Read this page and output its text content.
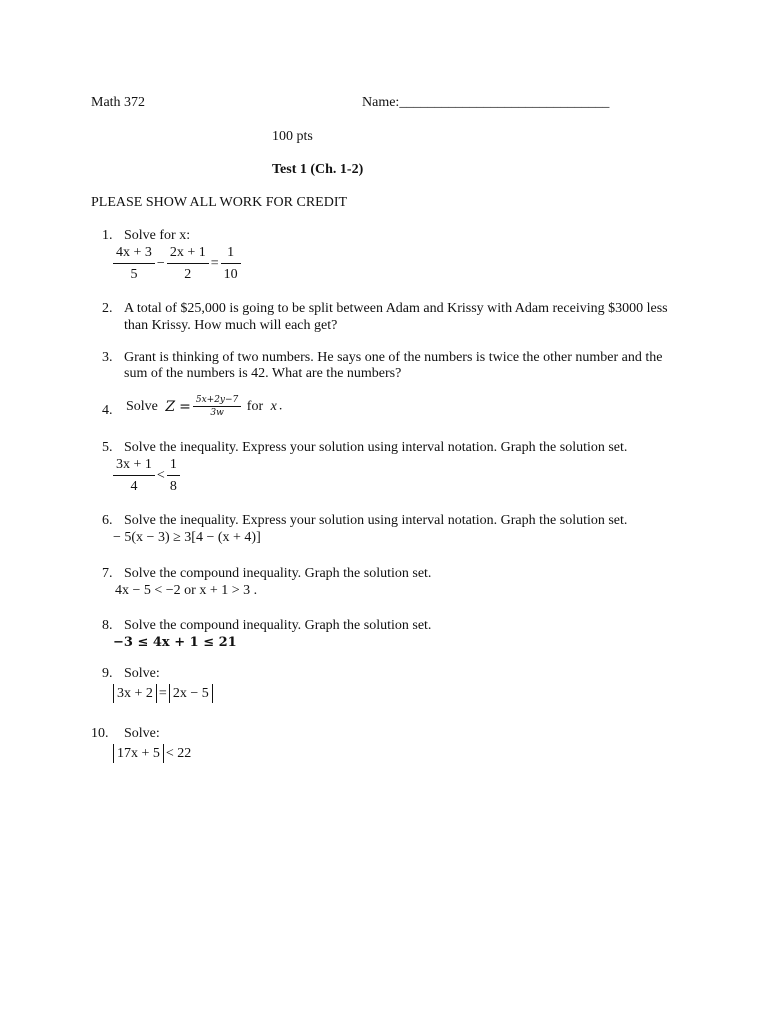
Math 372	Name:______________________________
100 pts
Test 1 (Ch. 1-2)
PLEASE SHOW ALL WORK FOR CREDIT
1. Solve for x:
$\frac{4x + 3}{5} - \frac{2x + 1}{2} = \frac{1}{10}$
2. A total of $25,000 is going to be split between Adam and Krissy with Adam receiving $3000 less
than Krissy. How much will each get?
3. Grant is thinking of two numbers. He says one of the numbers is twice the other number and the
sum of the numbers is 42. What are the numbers?
4. Solve $Z = \frac{5x+2y-7}{3w}$ for x .
5. Solve the inequality. Express your solution using interval notation. Graph the solution set.
$\frac{3x + 1}{4} < \frac{1}{8}$
6. Solve the inequality. Express your solution using interval notation. Graph the solution set.
− 5(x − 3) ≥ 3[4 − (x + 4)]
7. Solve the compound inequality. Graph the solution set.
4x − 5 < −2 or x + 1 > 3 .
8. Solve the compound inequality. Graph the solution set.
−3 ≤ 4x + 1 ≤ 21
9. Solve:
3x + 2 = 2x − 5
10. Solve:
17x + 5 < 22
